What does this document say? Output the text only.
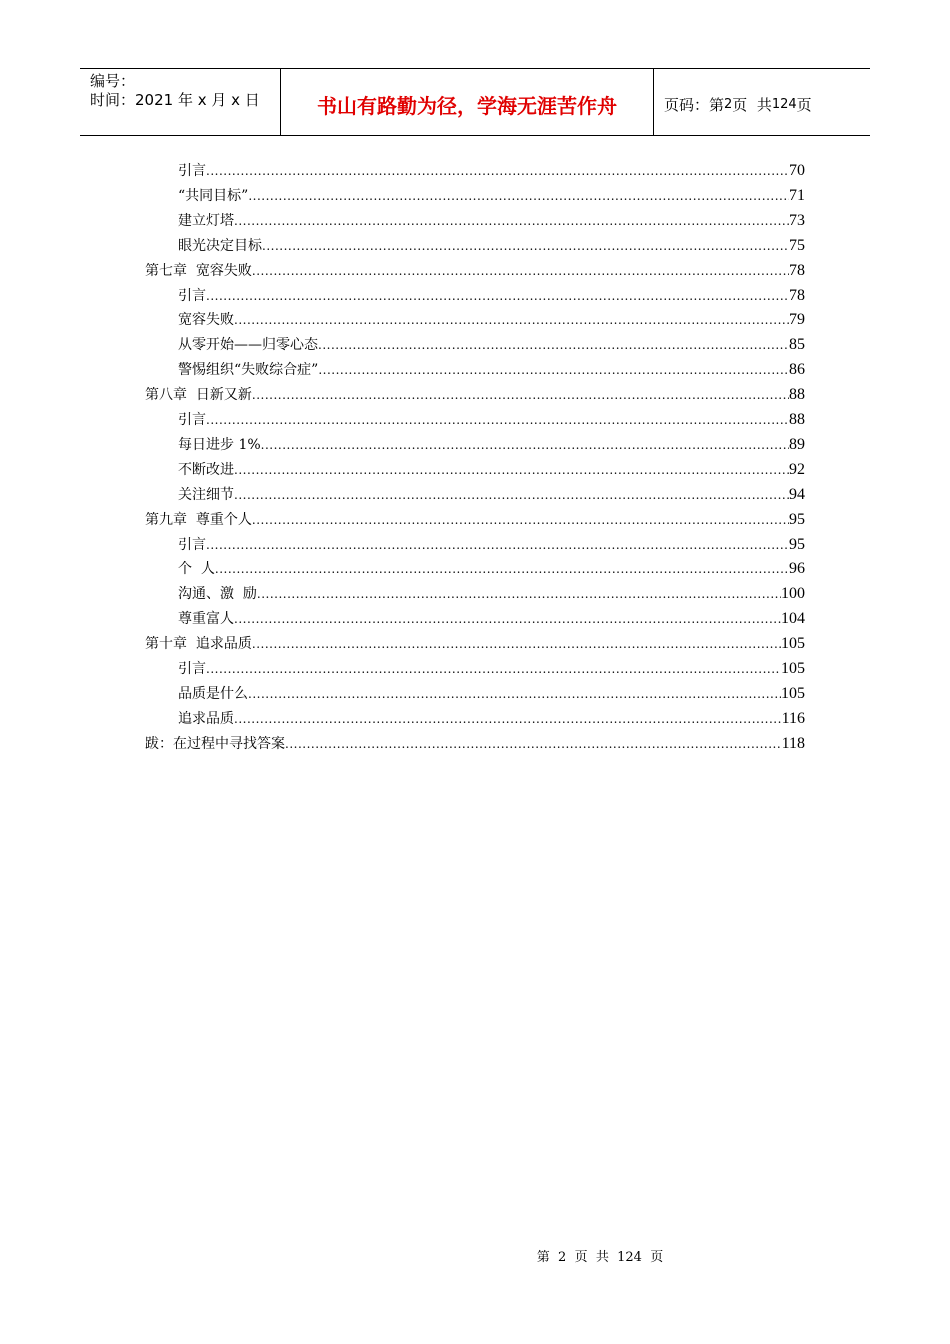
编号：
时间：2021 年 x 月 x 日	书山有路勤为径，学海无涯苦作舟	页码：第 2 页  共 124 页
引言 .....	70
“共同目标” .....	71
建立灯塔 .....	73
眼光决定目标 .....	75
第七章  宽容失败 .....	78
引言 .....	78
宽容失败 .....	79
从零开始——归零心态 .....	85
警惕组织“失败综合症” .....	86
第八章  日新又新 .....	88
引言 .....	88
每日进步 1% .....	89
不断改进 .....	92
关注细节 .....	94
第九章  尊重个人 .....	95
引言 .....	95
个  人 .....	96
沟通、激  励 .....	100
尊重富人 .....	104
第十章  追求品质 .....	105
引言 .....	105
品质是什么 .....	105
追求品质 .....	116
跋：在过程中寻找答案 .....	118
第  2  页  共  124  页
